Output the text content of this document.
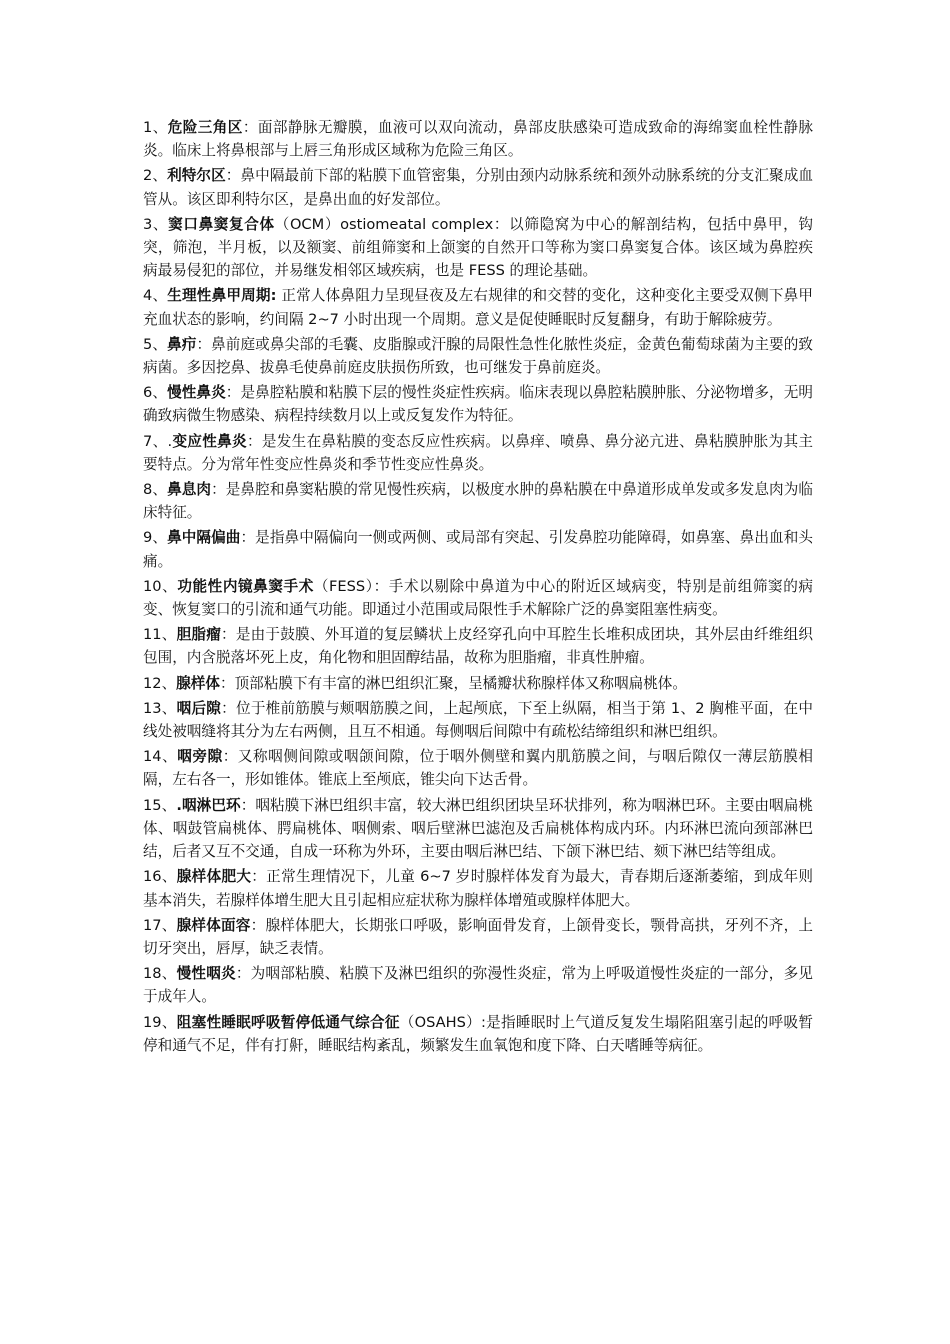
1、危险三角区：面部静脉无瓣膜，血液可以双向流动，鼻部皮肤感染可造成致命的海绵窦血栓性静脉炎。临床上将鼻根部与上唇三角形成区域称为危险三角区。

2、利特尔区：鼻中隔最前下部的粘膜下血管密集，分别由颈内动脉系统和颈外动脉系统的分支汇聚成血管从。该区即利特尔区，是鼻出血的好发部位。

3、窦口鼻窦复合体（OCM）ostiomeatal complex：以筛隐窝为中心的解剖结构，包括中鼻甲，钩突，筛泡，半月板，以及额窦、前组筛窦和上颌窦的自然开口等称为窦口鼻窦复合体。该区域为鼻腔疾病最易侵犯的部位，并易继发相邻区域疾病，也是 FESS 的理论基础。

4、生理性鼻甲周期: 正常人体鼻阻力呈现昼夜及左右规律的和交替的变化，这种变化主要受双侧下鼻甲充血状态的影响，约间隔 2~7 小时出现一个周期。意义是促使睡眠时反复翻身，有助于解除疲劳。

5、鼻疖：鼻前庭或鼻尖部的毛囊、皮脂腺或汗腺的局限性急性化脓性炎症，金黄色葡萄球菌为主要的致病菌。多因挖鼻、拔鼻毛使鼻前庭皮肤损伤所致，也可继发于鼻前庭炎。

6、慢性鼻炎：是鼻腔粘膜和粘膜下层的慢性炎症性疾病。临床表现以鼻腔粘膜肿胀、分泌物增多，无明确致病微生物感染、病程持续数月以上或反复发作为特征。

7、.变应性鼻炎：是发生在鼻粘膜的变态反应性疾病。以鼻痒、喷鼻、鼻分泌亢进、鼻粘膜肿胀为其主要特点。分为常年性变应性鼻炎和季节性变应性鼻炎。

8、鼻息肉：是鼻腔和鼻窦粘膜的常见慢性疾病，以极度水肿的鼻粘膜在中鼻道形成单发或多发息肉为临床特征。

9、鼻中隔偏曲：是指鼻中隔偏向一侧或两侧、或局部有突起、引发鼻腔功能障碍，如鼻塞、鼻出血和头痛。

10、功能性内镜鼻窦手术（FESS）：手术以剔除中鼻道为中心的附近区域病变，特别是前组筛窦的病变、恢复窦口的引流和通气功能。即通过小范围或局限性手术解除广泛的鼻窦阻塞性病变。

11、胆脂瘤：是由于鼓膜、外耳道的复层鳞状上皮经穿孔向中耳腔生长堆积成团块，其外层由纤维组织包围，内含脱落坏死上皮，角化物和胆固醇结晶，故称为胆脂瘤，非真性肿瘤。

12、腺样体：顶部粘膜下有丰富的淋巴组织汇聚，呈橘瓣状称腺样体又称咽扁桃体。

13、咽后隙：位于椎前筋膜与颊咽筋膜之间，上起颅底，下至上纵隔，相当于第 1、2 胸椎平面，在中线处被咽缝将其分为左右两侧，且互不相通。每侧咽后间隙中有疏松结缔组织和淋巴组织。

14、咽旁隙：又称咽侧间隙或咽颌间隙，位于咽外侧壁和翼内肌筋膜之间，与咽后隙仅一薄层筋膜相隔，左右各一，形如锥体。锥底上至颅底，锥尖向下达舌骨。

15、.咽淋巴环：咽粘膜下淋巴组织丰富，较大淋巴组织团块呈环状排列，称为咽淋巴环。主要由咽扁桃体、咽鼓管扁桃体、腭扁桃体、咽侧索、咽后壁淋巴滤泡及舌扁桃体构成内环。内环淋巴流向颈部淋巴结，后者又互不交通，自成一环称为外环，主要由咽后淋巴结、下颌下淋巴结、颏下淋巴结等组成。

16、腺样体肥大：正常生理情况下，儿童 6~7 岁时腺样体发育为最大，青春期后逐渐萎缩，到成年则基本消失，若腺样体增生肥大且引起相应症状称为腺样体增殖或腺样体肥大。

17、腺样体面容：腺样体肥大，长期张口呼吸，影响面骨发育，上颌骨变长，颚骨高拱，牙列不齐，上切牙突出，唇厚，缺乏表情。

18、慢性咽炎：为咽部粘膜、粘膜下及淋巴组织的弥漫性炎症，常为上呼吸道慢性炎症的一部分，多见于成年人。

19、阻塞性睡眠呼吸暂停低通气综合征（OSAHS）:是指睡眠时上气道反复发生塌陷阻塞引起的呼吸暂停和通气不足，伴有打鼾，睡眠结构紊乱，频繁发生血氧饱和度下降、白天嗜睡等病征。
